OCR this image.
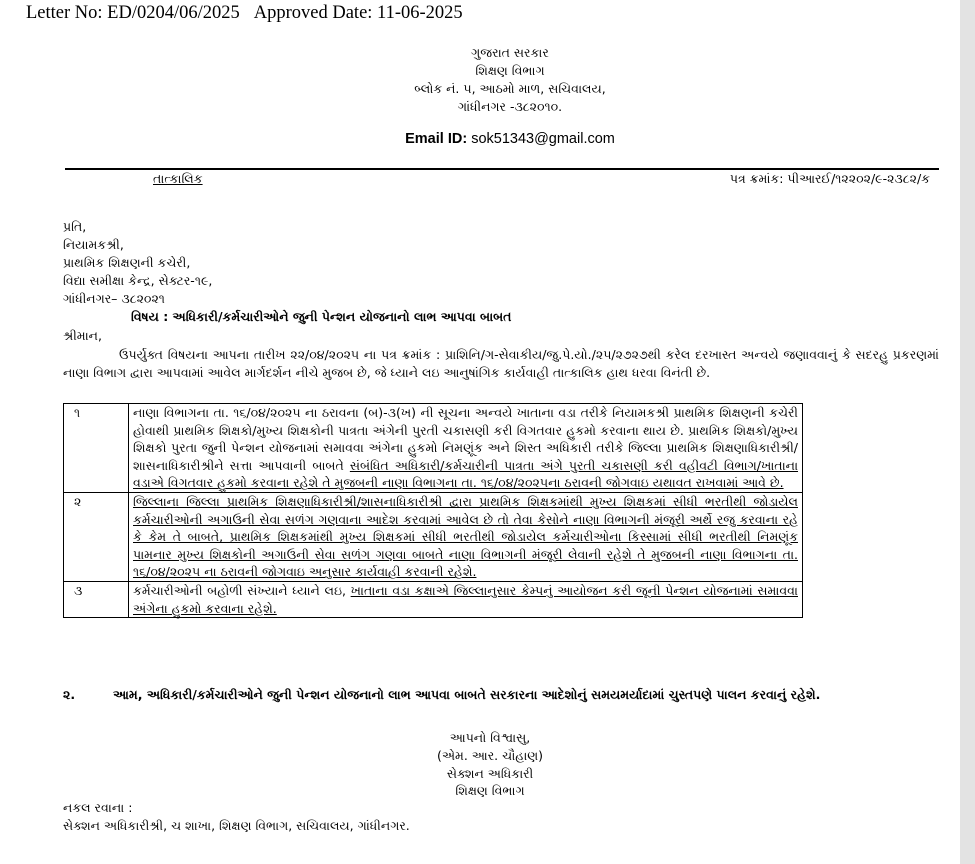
Letter No: ED/0204/06/2025 Approved Date: 11-06-2025
ગુજરાત સરકાર
શિક્ષણ વિભાગ
બ્લોક નં. ૫, આઠમો માળ, સચિવાલય,
ગાંધીનગર -૩૮૨૦૧૦.
Email ID: sok51343@gmail.com
તાત્કાલિક	પત્ર ક્રમાંક: પીઆરઈ/૧૨૨૦૨/૯-૨૩૮૨/ક
પ્રતિ,
નિયામકશ્રી,
પ્રાથમિક શિક્ષણની કચેરી,
વિદ્યા સમીક્ષા કેન્દ્ર, સેક્ટર-૧૯,
ગાંધીનગર– ૩૮૨૦૨૧
વિષય : અધિકારી/કર્મચારીઓને જુની પેન્શન યોજનાનો લાભ આપવા બાબત
શ્રીમાન,
ઉપર્યુક્ત વિષયના આપના તારીખ ૨૨/૦૪/૨૦૨૫ ના પત્ર ક્રમાંક : પ્રાશિનિ/ગ-સેવાકીય/જુ.પે.યો./૨૫/૨૭૨૭થી કરેલ દરખાસ્ત અન્વયે જણાવવાનું કે સદરહુ પ્રકરણમાં નાણા વિભાગ દ્વારા આપવામાં આવેલ માર્ગદર્શન નીચે મુજબ છે, જે ધ્યાને લઇ આનુષાંગિક કાર્યવાહી તાત્કાલિક હાથ ધરવા વિનંતી છે.
૧	નાણા વિભાગના તા. ૧૬/૦૪/૨૦૨૫ ના ઠરાવના (બ)-૩(ખ) ની સૂચના અન્વયે ખાતાના વડા તરીકે નિયામકશ્રી પ્રાથમિક શિક્ષણની કચેરી હોવાથી પ્રાથમિક શિક્ષકો/મુખ્ય શિક્ષકોની પાત્રતા અંગેની પુરતી ચકાસણી કરી વિગતવાર હુકમો કરવાના થાય છે. પ્રાથમિક શિક્ષકો/મુખ્ય શિક્ષકો પુરતા જુની પેન્શન યોજનામાં સમાવવા અંગેના હુકમો નિમણૂંક અને શિસ્ત અધિકારી તરીકે જિલ્લા પ્રાથમિક શિક્ષણાધિકારીશ્રી/શાસનાધિકારીશ્રીને સત્તા આપવાની બાબતે સંબંધિત અધિકારી/કર્મચારીની પાત્રતા અંગે પુરતી ચકાસણી કરી વહીવટી વિભાગ/ખાતાના વડાએ વિગતવાર હુકમો કરવાના રહેશે તે મુજબની નાણા વિભાગના તા. ૧૬/૦૪/૨૦૨૫ના ઠરાવની જોગવાઇ યથાવત રાખવામાં આવે છે.
૨	જિલ્લાના જિલ્લા પ્રાથમિક શિક્ષણાધિકારીશ્રી/શાસનાધિકારીશ્રી દ્વારા પ્રાથમિક શિક્ષકમાંથી મુખ્ય શિક્ષકમાં સીધી ભરતીથી જોડાયેલ કર્મચારીઓની અગાઉની સેવા સળંગ ગણવાના આદેશ કરવામાં આવેલ છે તો તેવા કેસોને નાણા વિભાગની મંજૂરી અર્થે રજુ કરવાના રહે કે કેમ તે બાબતે, પ્રાથમિક શિક્ષકમાંથી મુખ્ય શિક્ષકમાં સીધી ભરતીથી જોડાયેલ કર્મચારીઓના કિસ્સામાં સીધી ભરતીથી નિમણૂંક પામનાર મુખ્ય શિક્ષકોની અગાઉની સેવા સળંગ ગણવા બાબતે નાણા વિભાગની મંજૂરી લેવાની રહેશે તે મુજબની નાણા વિભાગના તા. ૧૬/૦૪/૨૦૨૫ ના ઠરાવની જોગવાઇ અનુસાર કાર્યવાહી કરવાની રહેશે.
૩	કર્મચારીઓની બહોળી સંખ્યાને ધ્યાને લઇ, ખાતાના વડા કક્ષાએ જિલ્લાનુસાર કેમ્પનું આયોજન કરી જૂની પેન્શન યોજનામાં સમાવવા અંગેના હુકમો કરવાના રહેશે.
૨.	આમ, અધિકારી/કર્મચારીઓને જુની પેન્શન યોજનાનો લાભ આપવા બાબતે સરકારના આદેશોનું સમયમર્યાદામાં ચુસ્તપણે પાલન કરવાનું રહેશે.
આપનો વિશ્વાસુ,
(એમ. આર. ચૌહાણ)
સેક્શન અધિકારી
શિક્ષણ વિભાગ
નકલ રવાના :
સેક્શન અધિકારીશ્રી, ચ શાખા, શિક્ષણ વિભાગ, સચિવાલય, ગાંધીનગર.
